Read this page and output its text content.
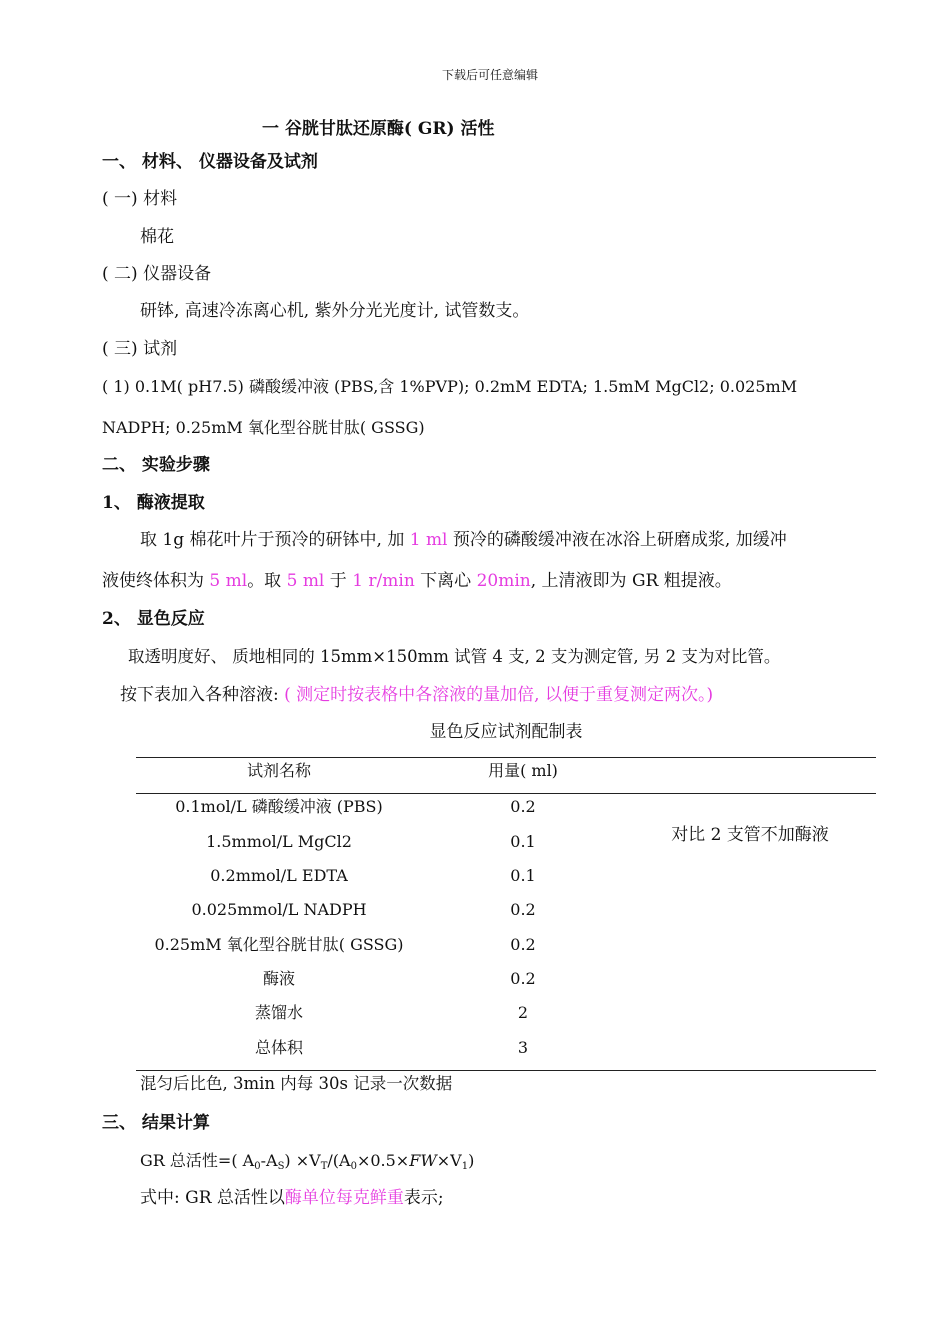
下载后可任意编辑
一 谷胱甘肽还原酶( GR) 活性
一、 材料、 仪器设备及试剂
( 一) 材料
棉花
( 二) 仪器设备
研钵, 高速冷冻离心机, 紫外分光光度计, 试管数支。
( 三) 试剂
( 1) 0.1M( pH7.5) 磷酸缓冲液 (PBS,含 1%PVP); 0.2mM EDTA; 1.5mM MgCl2; 0.025mM
NADPH; 0.25mM 氧化型谷胱甘肽( GSSG)
二、 实验步骤
1、 酶液提取
取 1g 棉花叶片于预冷的研钵中, 加 1 ml 预冷的磷酸缓冲液在冰浴上研磨成浆, 加缓冲
液使终体积为 5 ml。取 5 ml 于 1 r/min 下离心 20min, 上清液即为 GR 粗提液。
2、 显色反应
取透明度好、 质地相同的 15mm×150mm 试管 4 支, 2 支为测定管, 另 2 支为对比管。
按下表加入各种溶液: ( 测定时按表格中各溶液的量加倍, 以便于重复测定两次。)
显色反应试剂配制表
试剂名称	用量( ml)
0.1mol/L 磷酸缓冲液 (PBS)	0.2
1.5mmol/L MgCl2	0.1
0.2mmol/L EDTA	0.1
0.025mmol/L NADPH	0.2
0.25mM 氧化型谷胱甘肽( GSSG)	0.2
酶液	0.2
蒸馏水	2
总体积	3
对比 2 支管不加酶液
混匀后比色, 3min 内每 30s 记录一次数据
三、 结果计算
GR 总活性=( $A_0-A_S) \times V_T/(A_0\times 0.5\times FW\times V_1)$
式中: GR 总活性以酶单位每克鲜重表示;
